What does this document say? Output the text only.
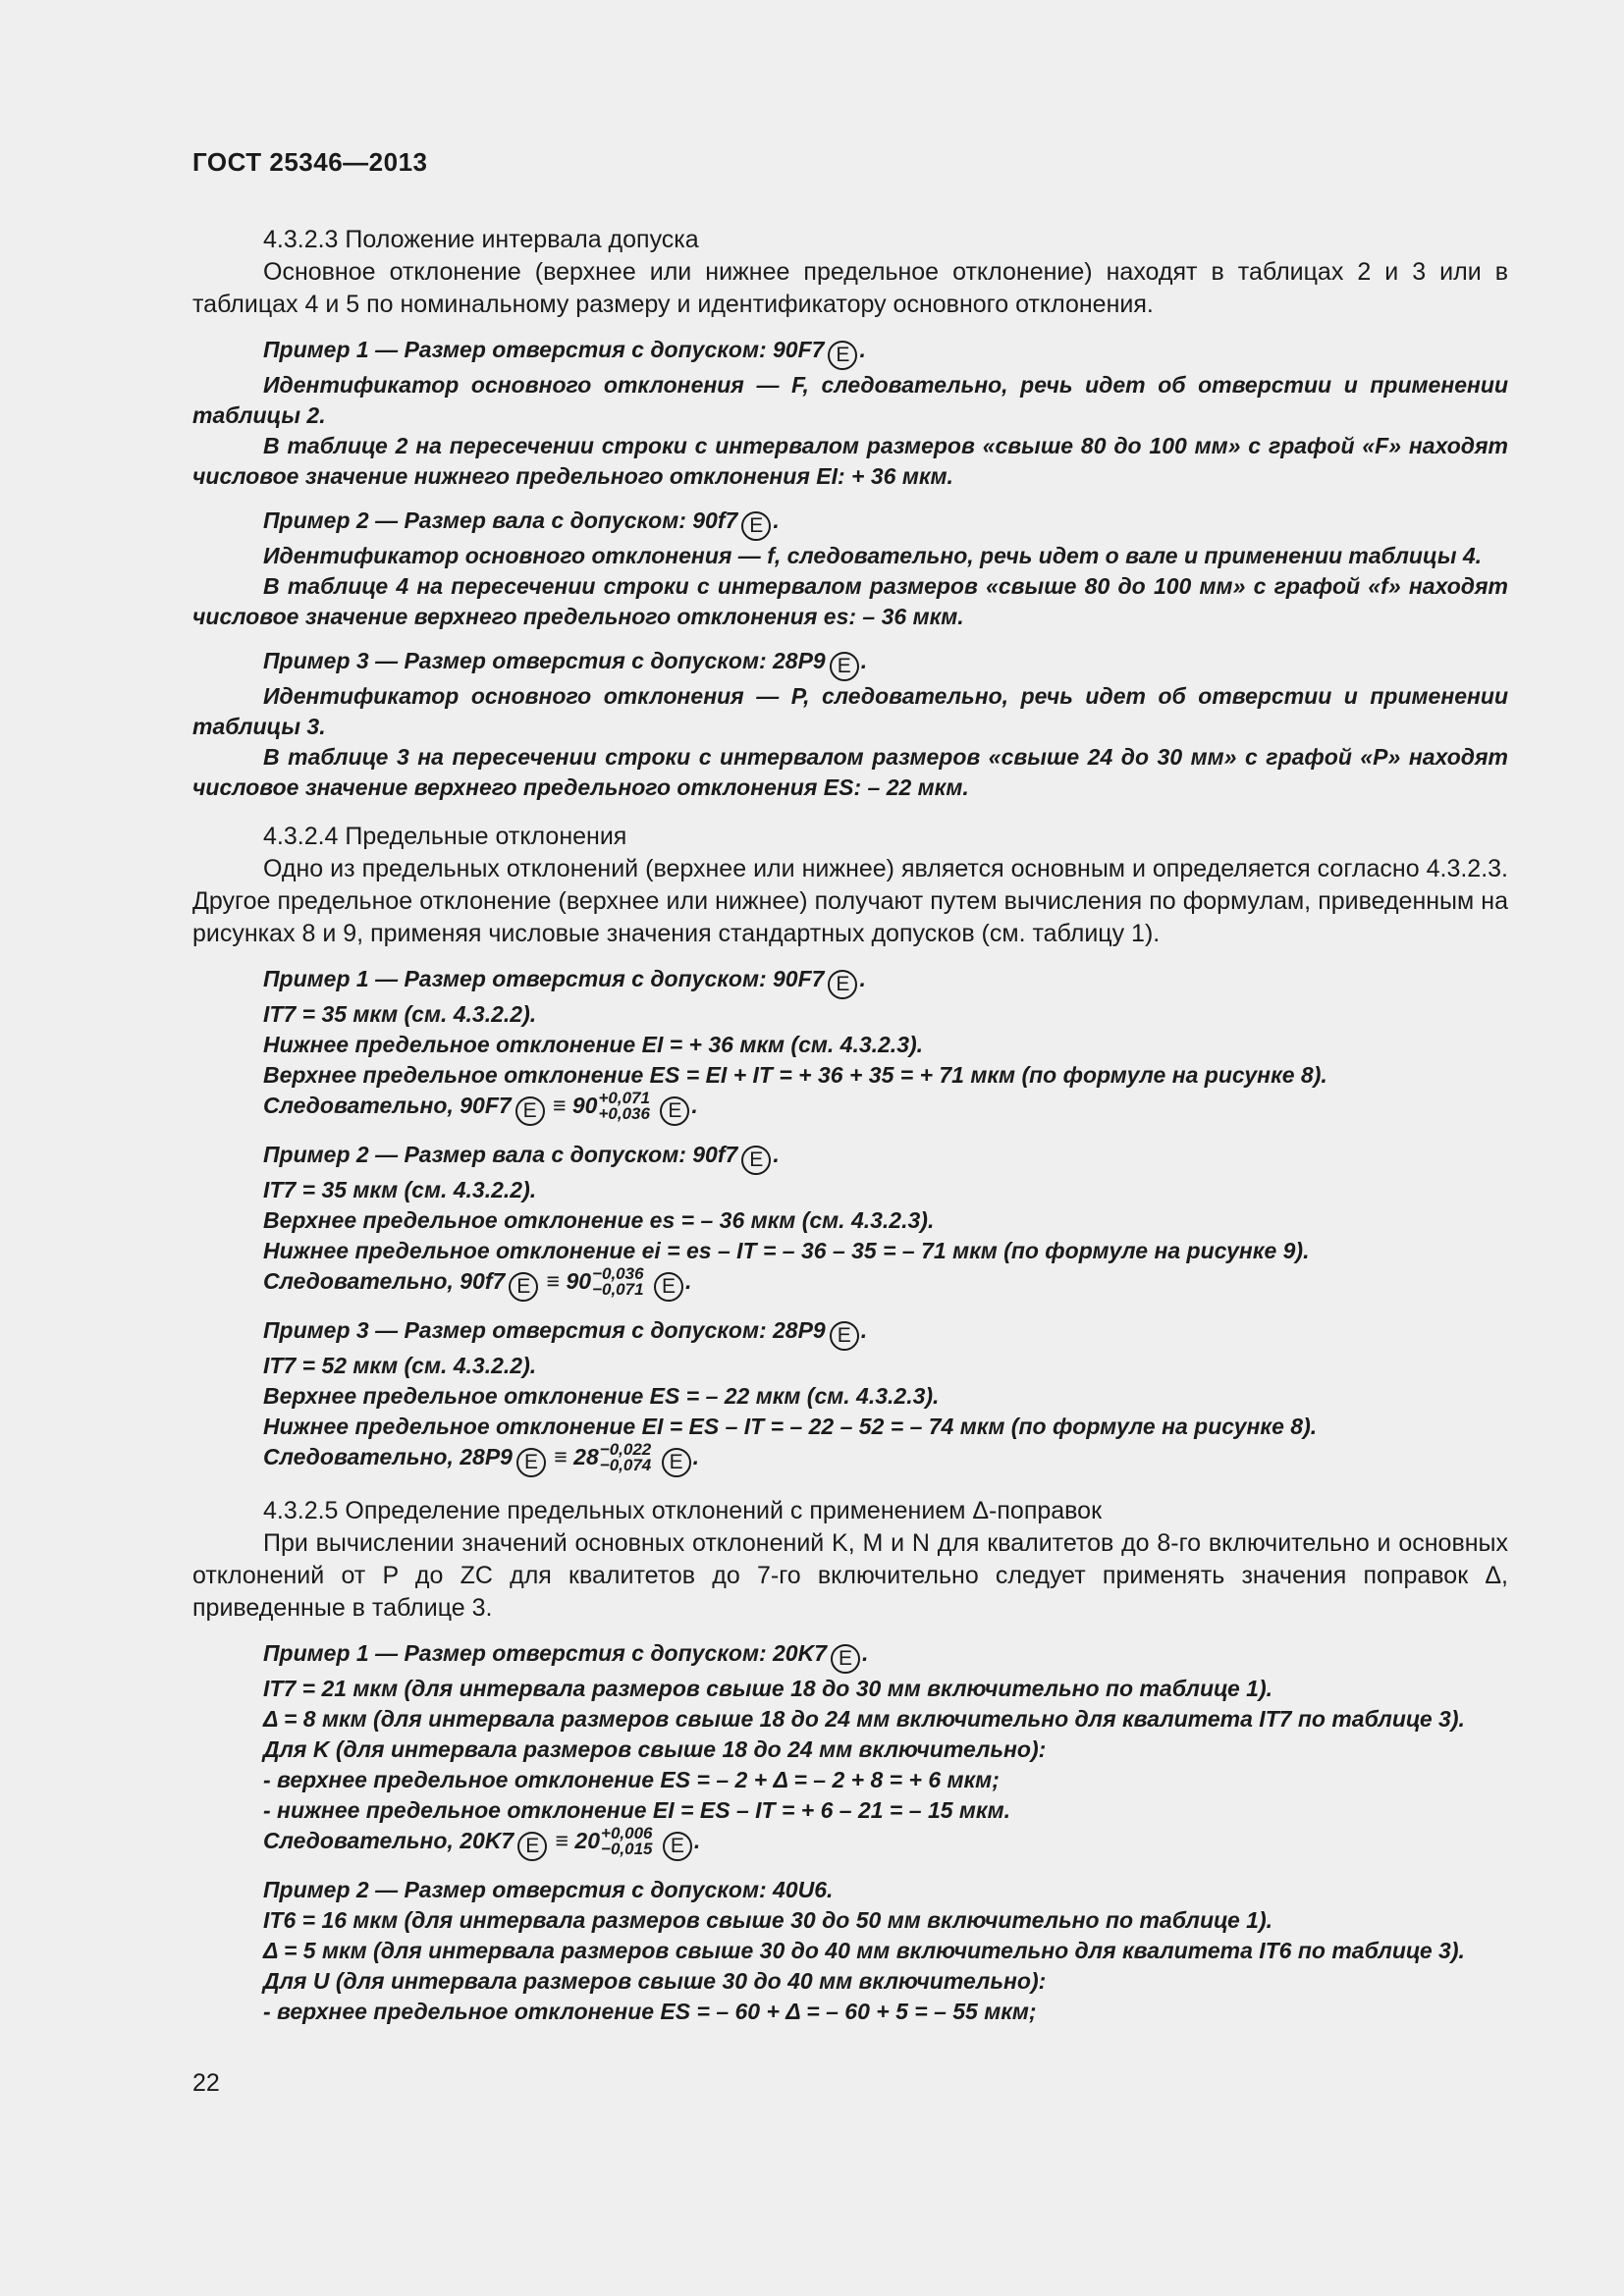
ГОСТ 25346—2013

4.3.2.3 Положение интервала допуска

Основное отклонение (верхнее или нижнее предельное отклонение) находят в таблицах 2 и 3 или в таблицах 4 и 5 по номинальному размеру и идентификатору основного отклонения.

Пример 1 — Размер отверстия с допуском: 90F7 E .

Идентификатор основного отклонения — F, следовательно, речь идет об отверстии и применении таблицы 2.

В таблице 2 на пересечении строки с интервалом размеров «свыше 80 до 100 мм» с графой «F» находят числовое значение нижнего предельного отклонения EI: + 36 мкм.

Пример 2 — Размер вала с допуском: 90f7 E .

Идентификатор основного отклонения — f, следовательно, речь идет о вале и применении таблицы 4.

В таблице 4 на пересечении строки с интервалом размеров «свыше 80 до 100 мм» с графой «f» находят числовое значение верхнего предельного отклонения es: – 36 мкм.

Пример 3 — Размер отверстия с допуском: 28P9 E .

Идентификатор основного отклонения — P, следовательно, речь идет об отверстии и применении таблицы 3.

В таблице 3 на пересечении строки с интервалом размеров «свыше 24 до 30 мм» с графой «P» находят числовое значение верхнего предельного отклонения ES: – 22 мкм.

4.3.2.4 Предельные отклонения

Одно из предельных отклонений (верхнее или нижнее) является основным и определяется согласно 4.3.2.3. Другое предельное отклонение (верхнее или нижнее) получают путем вычисления по формулам, приведенным на рисунках 8 и 9, применяя числовые значения стандартных допусков (см. таблицу 1).

Пример 1 — Размер отверстия с допуском: 90F7 E .

IT7 = 35 мкм (см. 4.3.2.2).

Нижнее предельное отклонение EI = + 36 мкм (см. 4.3.2.3).

Верхнее предельное отклонение ES = EI + IT = + 36 + 35 = + 71 мкм (по формуле на рисунке 8).

Следовательно, 90F7 E ≡ 90 +0,071
+0,036 E .

Пример 2 — Размер вала с допуском: 90f7 E .

IT7 = 35 мкм (см. 4.3.2.2).

Верхнее предельное отклонение es = – 36 мкм (см. 4.3.2.3).

Нижнее предельное отклонение ei = es – IT = – 36 – 35 = – 71 мкм (по формуле на рисунке 9).

Следовательно, 90f7 E ≡ 90 −0,036
−0,071 E .

Пример 3 — Размер отверстия с допуском: 28P9 E .

IT7 = 52 мкм (см. 4.3.2.2).

Верхнее предельное отклонение ES = – 22 мкм (см. 4.3.2.3).

Нижнее предельное отклонение EI = ES – IT = – 22 – 52 = – 74 мкм (по формуле на рисунке 8).

Следовательно, 28P9 E ≡ 28 −0,022
−0,074 E .

4.3.2.5 Определение предельных отклонений с применением Δ-поправок

При вычислении значений основных отклонений K, M и N для квалитетов до 8-го включительно и основных отклонений от P до ZC для квалитетов до 7-го включительно следует применять значения поправок Δ, приведенные в таблице 3.

Пример 1 — Размер отверстия с допуском: 20K7 E .

IT7 = 21 мкм (для интервала размеров свыше 18 до 30 мм включительно по таблице 1).

Δ = 8 мкм (для интервала размеров свыше 18 до 24 мм включительно для квалитета IT7 по таблице 3).

Для K (для интервала размеров свыше 18 до 24 мм включительно):

- верхнее предельное отклонение ES = – 2 + Δ = – 2 + 8 = + 6 мкм;

- нижнее предельное отклонение EI = ES – IT = + 6 – 21 = – 15 мкм.

Следовательно, 20K7 E ≡ 20 +0,006
−0,015 E .

Пример 2 — Размер отверстия с допуском: 40U6.

IT6 = 16 мкм (для интервала размеров свыше 30 до 50 мм включительно по таблице 1).

Δ = 5 мкм (для интервала размеров свыше 30 до 40 мм включительно для квалитета IT6 по таблице 3).

Для U (для интервала размеров свыше 30 до 40 мм включительно):

- верхнее предельное отклонение ES = – 60 + Δ = – 60 + 5 = – 55 мкм;

22
